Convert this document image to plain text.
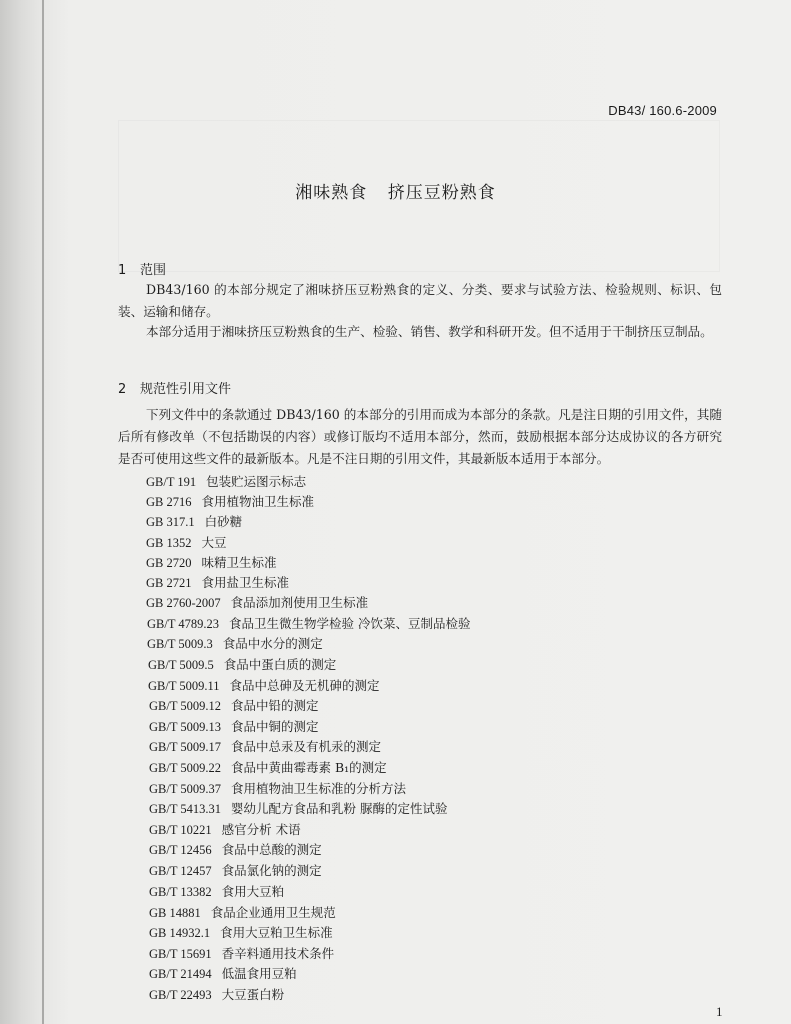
DB43/ 160.6-2009
湘味熟食 挤压豆粉熟食
1 范围
DB43/160 的本部分规定了湘味挤压豆粉熟食的定义、分类、要求与试验方法、检验规则、标识、包装、运输和储存。
本部分适用于湘味挤压豆粉熟食的生产、检验、销售、教学和科研开发。但不适用于干制挤压豆制品。
2 规范性引用文件
下列文件中的条款通过 DB43/160 的本部分的引用而成为本部分的条款。凡是注日期的引用文件，其随后所有修改单（不包括勘误的内容）或修订版均不适用本部分，然而，鼓励根据本部分达成协议的各方研究是否可使用这些文件的最新版本。凡是不注日期的引用文件，其最新版本适用于本部分。
GB/T 191 包装贮运图示标志
GB 2716 食用植物油卫生标准
GB 317.1 白砂糖
GB 1352 大豆
GB 2720 味精卫生标准
GB 2721 食用盐卫生标准
GB 2760-2007 食品添加剂使用卫生标准
GB/T 4789.23 食品卫生微生物学检验 冷饮菜、豆制品检验
GB/T 5009.3 食品中水分的测定
GB/T 5009.5 食品中蛋白质的测定
GB/T 5009.11 食品中总砷及无机砷的测定
GB/T 5009.12 食品中铅的测定
GB/T 5009.13 食品中铜的测定
GB/T 5009.17 食品中总汞及有机汞的测定
GB/T 5009.22 食品中黄曲霉毒素 B₁的测定
GB/T 5009.37 食用植物油卫生标准的分析方法
GB/T 5413.31 婴幼儿配方食品和乳粉 脲酶的定性试验
GB/T 10221 感官分析 术语
GB/T 12456 食品中总酸的测定
GB/T 12457 食品氯化钠的测定
GB/T 13382 食用大豆粕
GB 14881 食品企业通用卫生规范
GB 14932.1 食用大豆粕卫生标准
GB/T 15691 香辛料通用技术条件
GB/T 21494 低温食用豆粕
GB/T 22493 大豆蛋白粉
1
